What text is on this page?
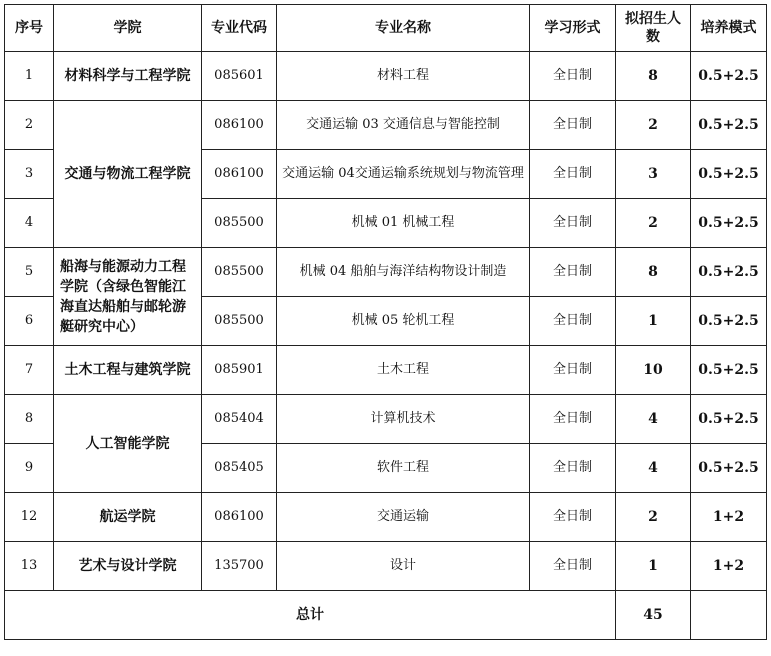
序号	学院	专业代码	专业名称	学习形式	拟招生人数	培养模式
1	材料科学与工程学院	085601	材料工程	全日制	8	0.5+2.5
2	交通与物流工程学院	086100	交通运输 03 交通信息与智能控制	全日制	2	0.5+2.5
3		086100	交通运输 04交通运输系统规划与物流管理	全日制	3	0.5+2.5
4		085500	机械 01 机械工程	全日制	2	0.5+2.5
5	船海与能源动力工程学院（含绿色智能江海直达船舶与邮轮游艇研究中心）	085500	机械 04 船舶与海洋结构物设计制造	全日制	8	0.5+2.5
6		085500	机械 05 轮机工程	全日制	1	0.5+2.5
7	土木工程与建筑学院	085901	土木工程	全日制	10	0.5+2.5
8	人工智能学院	085404	计算机技术	全日制	4	0.5+2.5
9		085405	软件工程	全日制	4	0.5+2.5
12	航运学院	086100	交通运输	全日制	2	1+2
13	艺术与设计学院	135700	设计	全日制	1	1+2
总计					45	
